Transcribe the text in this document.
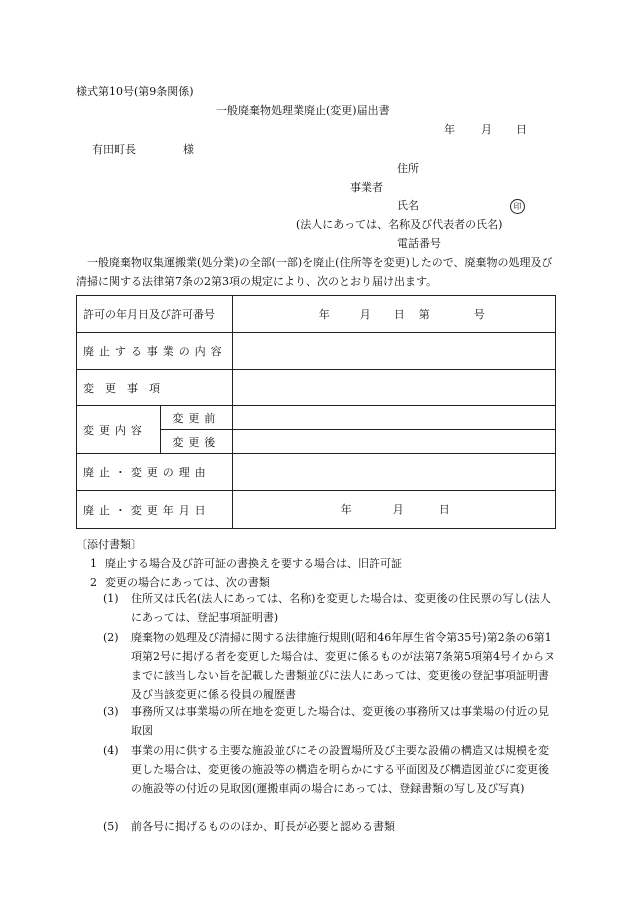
様式第10号(第9条関係)
一般廃棄物処理業廃止(変更)届出書
年 月 日
有田町長	様
住所
事業者
氏名	印
(法人にあっては、名称及び代表者の氏名)
電話番号
一般廃棄物収集運搬業(処分業)の全部(一部)を廃止(住所等を変更)したので、廃棄物の処理及び清掃に関する法律第7条の2第3項の規定により、次のとおり届け出ます。
許可の年月日及び許可番号		年 月 日 第 号

廃止する事業の内容		
変　更　事　項		
変更内容	変更前	
	変更後	
廃止・変更の理由		
廃止・変更年月日		年 月 日
〔添付書類〕
1 廃止する場合及び許可証の書換えを要する場合は、旧許可証
2 変更の場合にあっては、次の書類
(1) 住所又は氏名(法人にあっては、名称)を変更した場合は、変更後の住民票の写し(法人にあっては、登記事項証明書)
(2) 廃棄物の処理及び清掃に関する法律施行規則(昭和46年厚生省令第35号)第2条の6第1項第2号に掲げる者を変更した場合は、変更に係るものが法第7条第5項第4号イからヌまでに該当しない旨を記載した書類並びに法人にあっては、変更後の登記事項証明書及び当該変更に係る役員の履歴書
(3) 事務所又は事業場の所在地を変更した場合は、変更後の事務所又は事業場の付近の見取図
(4) 事業の用に供する主要な施設並びにその設置場所及び主要な設備の構造又は規模を変更した場合は、変更後の施設等の構造を明らかにする平面図及び構造図並びに変更後の施設等の付近の見取図(運搬車両の場合にあっては、登録書類の写し及び写真)
(5) 前各号に掲げるもののほか、町長が必要と認める書類
